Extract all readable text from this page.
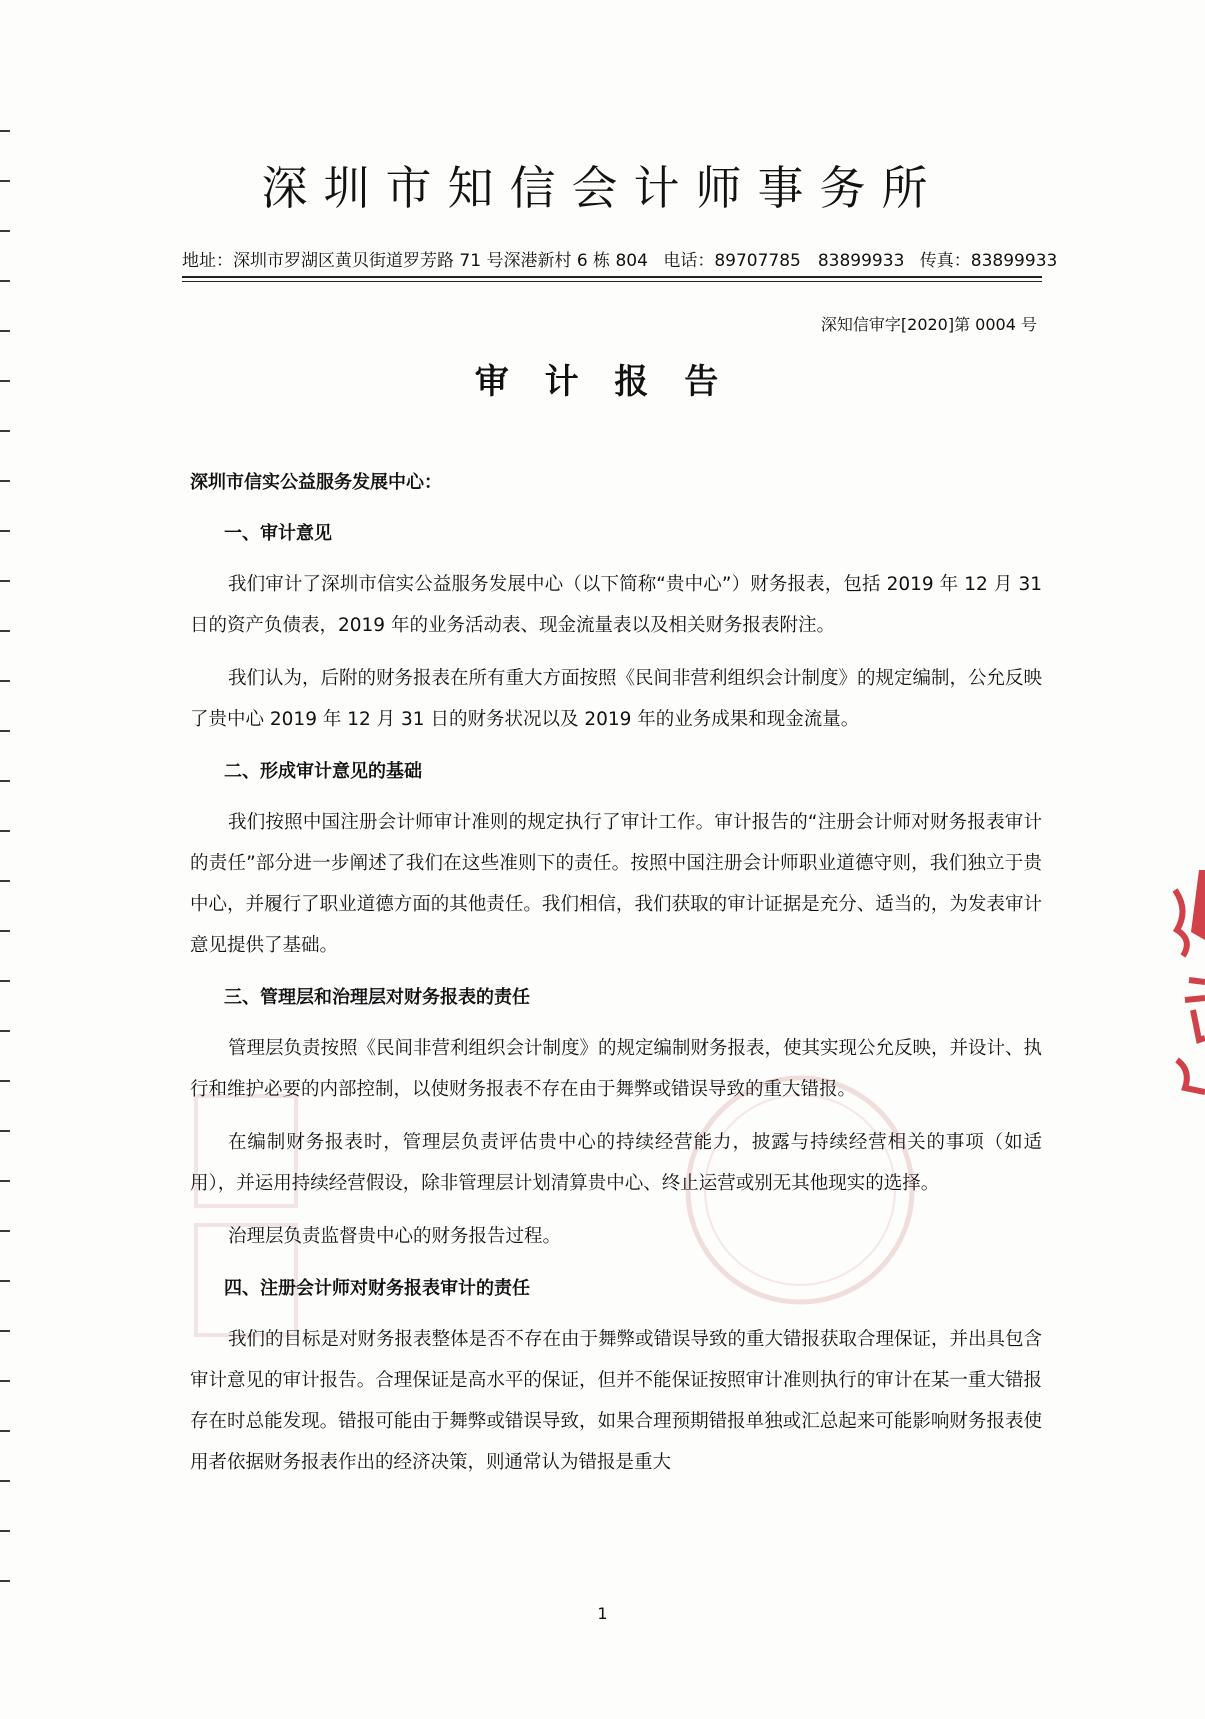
深圳市知信会计师事务所
地址：深圳市罗湖区黄贝街道罗芳路 71 号深港新村 6 栋 804 电话：89707785　83899933 传真：83899933
深知信审字[2020]第 0004 号
审 计 报 告
深圳市信实公益服务发展中心：
一、审计意见

我们审计了深圳市信实公益服务发展中心（以下简称“贵中心”）财务报表，包括 2019 年 12 月 31 日的资产负债表，2019 年的业务活动表、现金流量表以及相关财务报表附注。

我们认为，后附的财务报表在所有重大方面按照《民间非营利组织会计制度》的规定编制，公允反映了贵中心 2019 年 12 月 31 日的财务状况以及 2019 年的业务成果和现金流量。

二、形成审计意见的基础

我们按照中国注册会计师审计准则的规定执行了审计工作。审计报告的“注册会计师对财务报表审计的责任”部分进一步阐述了我们在这些准则下的责任。按照中国注册会计师职业道德守则，我们独立于贵中心，并履行了职业道德方面的其他责任。我们相信，我们获取的审计证据是充分、适当的，为发表审计意见提供了基础。

三、管理层和治理层对财务报表的责任

管理层负责按照《民间非营利组织会计制度》的规定编制财务报表，使其实现公允反映，并设计、执行和维护必要的内部控制，以使财务报表不存在由于舞弊或错误导致的重大错报。

在编制财务报表时，管理层负责评估贵中心的持续经营能力，披露与持续经营相关的事项（如适用），并运用持续经营假设，除非管理层计划清算贵中心、终止运营或别无其他现实的选择。

治理层负责监督贵中心的财务报告过程。

四、注册会计师对财务报表审计的责任

我们的目标是对财务报表整体是否不存在由于舞弊或错误导致的重大错报获取合理保证，并出具包含审计意见的审计报告。合理保证是高水平的保证，但并不能保证按照审计准则执行的审计在某一重大错报存在时总能发现。错报可能由于舞弊或错误导致，如果合理预期错报单独或汇总起来可能影响财务报表使用者依据财务报表作出的经济决策，则通常认为错报是重大

1
